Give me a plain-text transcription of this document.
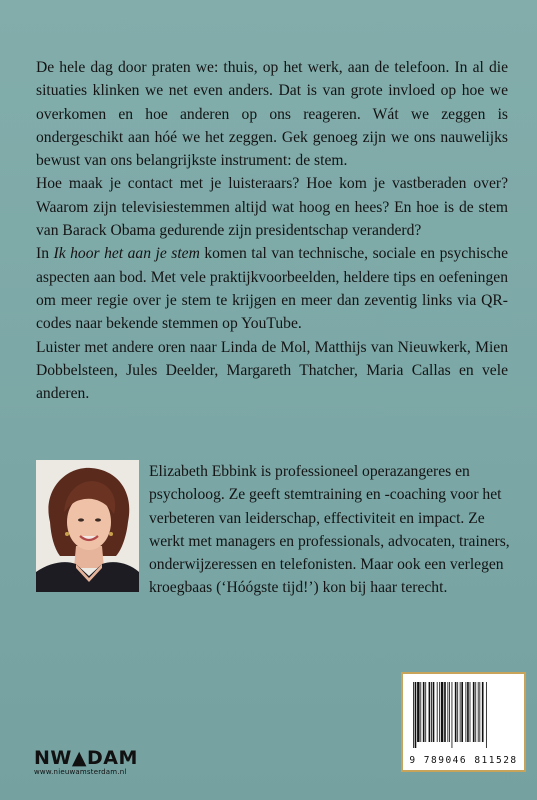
De hele dag door praten we: thuis, op het werk, aan de telefoon. In al die situaties klinken we net even anders. Dat is van grote invloed op hoe we overkomen en hoe anderen op ons reageren. Wát we zeggen is ondergeschikt aan hóé we het zeggen. Gek genoeg zijn we ons nauwelijks bewust van ons belangrijkste instrument: de stem.

Hoe maak je contact met je luisteraars? Hoe kom je vastberaden over? Waarom zijn televisiestemmen altijd wat hoog en hees? En hoe is de stem van Barack Obama gedurende zijn presidentschap veranderd?

In Ik hoor het aan je stem komen tal van technische, sociale en psychische aspecten aan bod. Met vele praktijkvoorbeelden, heldere tips en oefeningen om meer regie over je stem te krijgen en meer dan zeventig links via QR-codes naar bekende stemmen op YouTube.

Luister met andere oren naar Linda de Mol, Matthijs van Nieuwkerk, Mien Dobbelsteen, Jules Deelder, Margareth Thatcher, Maria Callas en vele anderen.

Elizabeth Ebbink is professioneel operazangeres en psycholoog. Ze geeft stemtraining en -coaching voor het verbeteren van leiderschap, effectiviteit en impact. Ze werkt met managers en professionals, advocaten, trainers, onderwijzeressen en telefonisten. Maar ook een verlegen kroegbaas (‘Hóógste tijd!’) kon bij haar terecht.

9 789046 811528
NW▲DAM
www.nieuwamsterdam.nl
